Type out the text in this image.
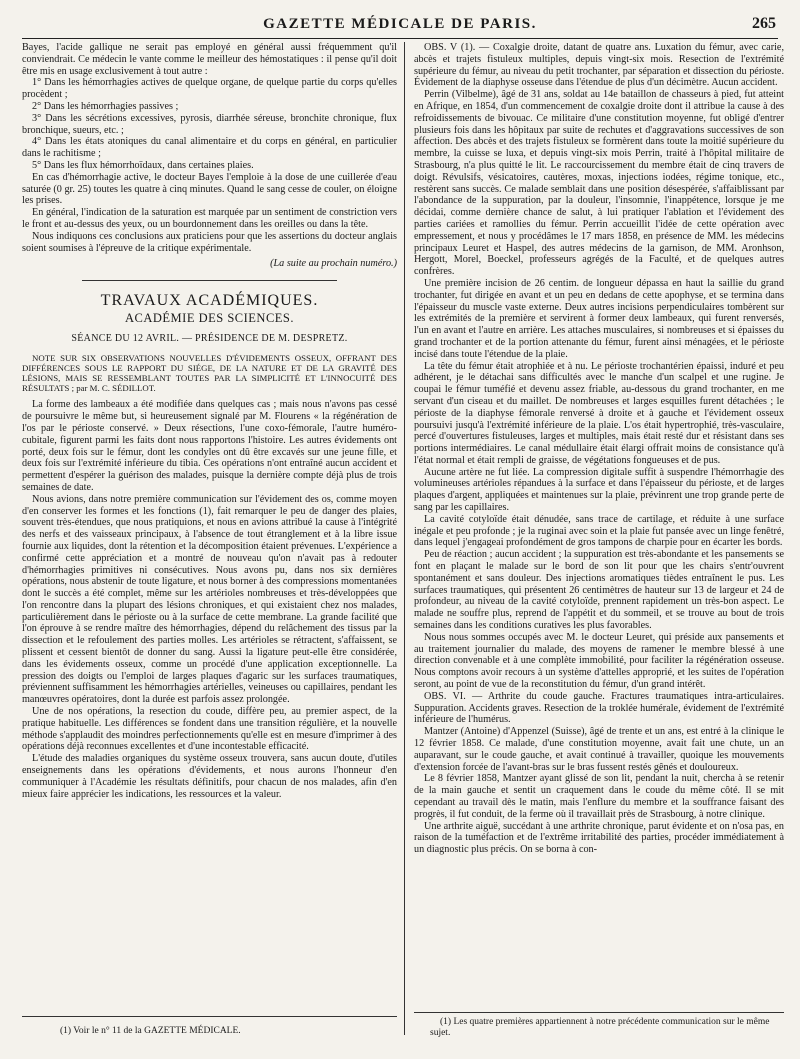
GAZETTE MÉDICALE DE PARIS.	265

Bayes, l'acide gallique ne serait pas employé en général aussi fréquemment qu'il conviendrait. Ce médecin le vante comme le meilleur des hémostatiques : il pense qu'il doit être mis en usage exclusivement à tout autre :

1° Dans les hémorrhagies actives de quelque organe, de quelque partie du corps qu'elles procèdent ;

2° Dans les hémorrhagies passives ;

3° Dans les sécrétions excessives, pyrosis, diarrhée séreuse, bronchite chronique, flux bronchique, sueurs, etc. ;

4° Dans les états atoniques du canal alimentaire et du corps en général, en particulier dans le rachitisme ;

5° Dans les flux hémorrhoïdaux, dans certaines plaies.

En cas d'hémorrhagie active, le docteur Bayes l'emploie à la dose de une cuillerée d'eau saturée (0 gr. 25) toutes les quatre à cinq minutes. Quand le sang cesse de couler, on éloigne les prises.

En général, l'indication de la saturation est marquée par un sentiment de constriction vers le front et au-dessus des yeux, ou un bourdonnement dans les oreilles ou dans la tête.

Nous indiquons ces conclusions aux praticiens pour que les assertions du docteur anglais soient soumises à l'épreuve de la critique expérimentale.

(La suite au prochain numéro.)
TRAVAUX ACADÉMIQUES.
ACADÉMIE DES SCIENCES.
SÉANCE DU 12 AVRIL. — PRÉSIDENCE DE M. DESPRETZ.

NOTE SUR SIX OBSERVATIONS NOUVELLES D'ÉVIDEMENTS OSSEUX, OFFRANT DES DIFFÉRENCES SOUS LE RAPPORT DU SIÉGE, DE LA NATURE ET DE LA GRAVITÉ DES LÉSIONS, MAIS SE RESSEMBLANT TOUTES PAR LA SIMPLICITÉ ET L'INNOCUITÉ DES RÉSULTATS ; par M. C. SÉDILLOT.

La forme des lambeaux a été modifiée dans quelques cas ; mais nous n'avons pas cessé de poursuivre le même but, si heureusement signalé par M. Flourens « la régénération de l'os par le périoste conservé. » Deux résections, l'une coxo-fémorale, l'autre huméro-cubitale, figurent parmi les faits dont nous rapportons l'histoire. Les autres évidements ont porté, deux fois sur le fémur, dont les condyles ont dû être excavés sur une jeune fille, et deux fois sur l'extrémité inférieure du tibia. Ces opérations n'ont entraîné aucun accident et permettent d'espérer la guérison des malades, puisque la dernière compte déjà plus de trois semaines de date.

Nous avions, dans notre première communication sur l'évidement des os, comme moyen d'en conserver les formes et les fonctions (1), fait remarquer le peu de danger des plaies, souvent très-étendues, que nous pratiquions, et nous en avions attribué la cause à l'intégrité des nerfs et des vaisseaux principaux, à l'absence de tout étranglement et à la libre issue fournie aux liquides, dont la rétention et la décomposition étaient prévenues. L'expérience a confirmé cette appréciation et a montré de nouveau qu'on n'avait pas à redouter d'hémorrhagies primitives ni consécutives. Nous avons pu, dans nos six dernières opérations, nous abstenir de toute ligature, et nous borner à des compressions momentanées dont le succès a été complet, même sur les artérioles nombreuses et très-développées que l'on rencontre dans la plupart des lésions chroniques, et qui existaient chez nos malades, particulièrement dans le périoste ou à la surface de cette membrane. La grande facilité que l'on éprouve à se rendre maître des hémorrhagies, dépend du relâchement des tissus par la dissection et le refoulement des parties molles. Les artérioles se rétractent, s'affaissent, se plissent et cessent bientôt de donner du sang. Aussi la ligature peut-elle être considérée, dans les évidements osseux, comme un procédé d'une application exceptionnelle. La pression des doigts ou l'emploi de larges plaques d'agaric sur les surfaces traumatiques, préviennent suffisamment les hémorrhagies artérielles, veineuses ou capillaires, pendant les manœuvres opératoires, dont la durée est parfois assez prolongée.

Une de nos opérations, la resection du coude, diffère peu, au premier aspect, de la pratique habituelle. Les différences se fondent dans une transition régulière, et la nouvelle méthode s'applaudit des moindres perfectionnements qu'elle est en mesure d'imprimer à des opérations déjà reconnues excellentes et d'une incontestable efficacité.

L'étude des maladies organiques du système osseux trouvera, sans aucun doute, d'utiles enseignements dans les opérations d'évidements, et nous aurons l'honneur d'en communiquer à l'Académie les résultats définitifs, pour chacun de nos malades, afin d'en mieux faire apprécier les indications, les ressources et la valeur.

OBS. V (1). — Coxalgie droite, datant de quatre ans. Luxation du fémur, avec carie, abcès et trajets fistuleux multiples, depuis vingt-six mois. Resection de l'extrémité supérieure du fémur, au niveau du petit trochanter, par séparation et dissection du périoste. Évidement de la diaphyse osseuse dans l'étendue de plus d'un décimètre. Aucun accident.

Perrin (Vilbelme), âgé de 31 ans, soldat au 14e bataillon de chasseurs à pied, fut atteint en Afrique, en 1854, d'un commencement de coxalgie droite dont il attribue la cause à des refroidissements de bivouac. Ce militaire d'une constitution moyenne, fut obligé d'entrer plusieurs fois dans les hôpitaux par suite de rechutes et d'aggravations successives de son affection. Des abcès et des trajets fistuleux se formèrent dans toute la moitié supérieure du membre, la cuisse se luxa, et depuis vingt-six mois Perrin, traité à l'hôpital militaire de Strasbourg, n'a plus quitté le lit. Le raccourcissement du membre était de cinq travers de doigt. Révulsifs, vésicatoires, cautères, moxas, injections iodées, régime tonique, etc., restèrent sans succès. Ce malade semblait dans une position désespérée, s'affaiblissant par l'abondance de la suppuration, par la douleur, l'insomnie, l'inappétence, lorsque je me décidai, comme dernière chance de salut, à lui pratiquer l'ablation et l'évidement des parties cariées et ramollies du fémur. Perrin accueillit l'idée de cette opération avec empressement, et nous y procédâmes le 17 mars 1858, en présence de MM. les médecins principaux Leuret et Haspel, des autres médecins de la garnison, de MM. Aronhson, Hergott, Morel, Boeckel, professeurs agrégés de la Faculté, et de quelques autres confrères.

Une première incision de 26 centim. de longueur dépassa en haut la saillie du grand trochanter, fut dirigée en avant et un peu en dedans de cette apophyse, et se termina dans l'épaisseur du muscle vaste externe. Deux autres incisions perpendiculaires tombèrent sur les extrémités de la première et servirent à former deux lambeaux, qui furent renversés, l'un en avant et l'autre en arrière. Les attaches musculaires, si nombreuses et si épaisses du grand trochanter et de la portion attenante du fémur, furent ainsi ménagées, et le périoste incisé dans toute l'étendue de la plaie.

La tête du fémur était atrophiée et à nu. Le périoste trochantérien épaissi, induré et peu adhérent, je le détachai sans difficultés avec le manche d'un scalpel et une rugine. Je coupai le fémur tuméfié et devenu assez friable, au-dessous du grand trochanter, en me servant d'un ciseau et du maillet. De nombreuses et larges esquilles furent détachées ; le périoste de la diaphyse fémorale renversé à droite et à gauche et l'évidement osseux poursuivi jusqu'à l'extrémité inférieure de la plaie. L'os était hypertrophié, très-vasculaire, percé d'ouvertures fistuleuses, larges et multiples, mais était resté dur et résistant dans ses portions intermédiaires. Le canal médullaire était élargi offrait moins de consistance qu'à l'état normal et était rempli de graisse, de végétations fongueuses et de pus.

Aucune artère ne fut liée. La compression digitale suffit à suspendre l'hémorrhagie des volumineuses artérioles répandues à la surface et dans l'épaisseur du périoste, et de larges plaques d'argent, appliquées et maintenues sur la plaie, prévinrent une trop grande perte de sang par les capillaires.

La cavité cotyloïde était dénudée, sans trace de cartilage, et réduite à une surface inégale et peu profonde ; je la ruginai avec soin et la plaie fut pansée avec un linge fenêtré, dans lequel j'engageai profondément de gros tampons de charpie pour en écarter les bords.

Peu de réaction ; aucun accident ; la suppuration est très-abondante et les pansements se font en plaçant le malade sur le bord de son lit pour que les chairs s'entr'ouvrent spontanément et sans douleur. Des injections aromatiques tièdes entraînent le pus. Les surfaces traumatiques, qui présentent 26 centimètres de hauteur sur 13 de largeur et 24 de profondeur, au niveau de la cavité cotyloïde, prennent rapidement un très-bon aspect. Le malade ne souffre plus, reprend de l'appétit et du sommeil, et se trouve au bout de trois semaines dans les conditions curatives les plus favorables.

Nous nous sommes occupés avec M. le docteur Leuret, qui préside aux pansements et au traitement journalier du malade, des moyens de ramener le membre blessé à une direction convenable et à une complète immobilité, pour faciliter la régénération osseuse. Nous comptons avoir recours à un système d'attelles approprié, et les suites de l'opération seront, au point de vue de la reconstitution du fémur, d'un grand intérêt.

OBS. VI. — Arthrite du coude gauche. Fractures traumatiques intra-articulaires. Suppuration. Accidents graves. Resection de la troklée humérale, évidement de l'extrémité inférieure de l'humérus.

Mantzer (Antoine) d'Appenzel (Suisse), âgé de trente et un ans, est entré à la clinique le 12 février 1858. Ce malade, d'une constitution moyenne, avait fait une chute, un an auparavant, sur le coude gauche, et avait continué à travailler, quoique les mouvements d'extension forcée de l'avant-bras sur le bras fussent restés gênés et douloureux.

Le 8 février 1858, Mantzer ayant glissé de son lit, pendant la nuit, chercha à se retenir de la main gauche et sentit un craquement dans le coude du même côté. Il se mit cependant au travail dès le matin, mais l'enflure du membre et la souffrance faisant des progrès, il fut conduit, de la ferme où il travaillait près de Strasbourg, à notre clinique.

Une arthrite aiguë, succédant à une arthrite chronique, parut évidente et on n'osa pas, en raison de la tuméfaction et de l'extrême irritabilité des parties, procéder immédiatement à un diagnostic plus précis. On se borna à con-

(1) Voir le n° 11 de la GAZETTE MÉDICALE.
(1) Les quatre premières appartiennent à notre précédente communication sur le même sujet.
